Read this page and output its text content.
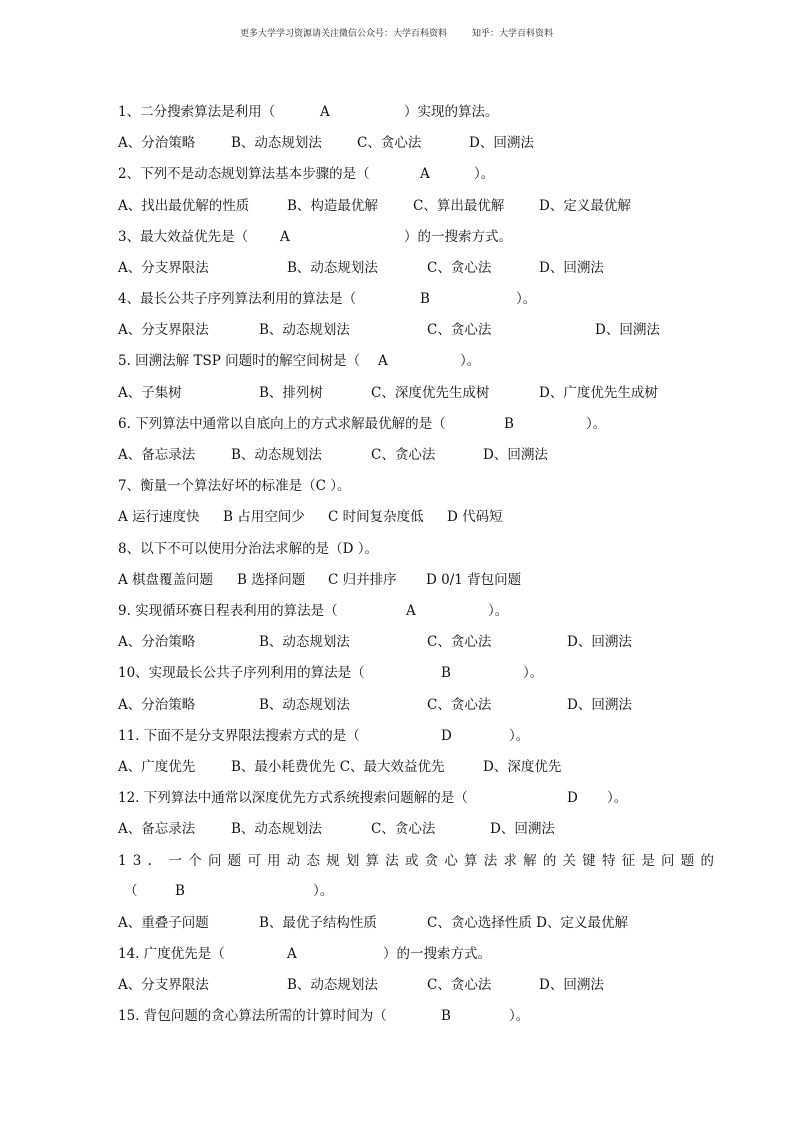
更多大学学习资源请关注微信公众号：大学百科资料	知乎：大学百科资料
1、二分搜索算法是利用（	A	）实现的算法。
A、分治策略	B、动态规划法	C、贪心法	D、回溯法
2、下列不是动态规划算法基本步骤的是（	A	）。
A、找出最优解的性质	B、构造最优解	C、算出最优解	D、定义最优解
3、最大效益优先是（ A	）的一搜索方式。
A、分支界限法	B、动态规划法	C、贪心法	D、回溯法
4、最长公共子序列算法利用的算法是（	B	）。
A、分支界限法	B、动态规划法	C、贪心法	D、回溯法
5. 回溯法解 TSP 问题时的解空间树是（ A	）。
A、子集树	B、排列树	C、深度优先生成树	D、广度优先生成树
6. 下列算法中通常以自底向上的方式求解最优解的是（	B	）。
A、备忘录法	B、动态规划法	C、贪心法	D、回溯法
7、衡量一个算法好坏的标准是（C ）。
A 运行速度快 B 占用空间少 C 时间复杂度低 D 代码短
8、以下不可以使用分治法求解的是（D ）。
A 棋盘覆盖问题 B 选择问题 C 归并排序 D 0/1 背包问题
9. 实现循环赛日程表利用的算法是（	A	）。
A、分治策略	B、动态规划法	C、贪心法	D、回溯法
10、实现最长公共子序列利用的算法是（	B	）。
A、分治策略	B、动态规划法	C、贪心法	D、回溯法
11. 下面不是分支界限法搜索方式的是（	D	）。
A、广度优先	B、最小耗费优先 C、最大效益优先	D、深度优先
12. 下列算法中通常以深度优先方式系统搜索问题解的是（	D ）。
A、备忘录法	B、动态规划法	C、贪心法	D、回溯法
13. 一个问题可用动态规划算法或贪心算法求解的关键特征是问题的
（	B	）。
A、重叠子问题	B、最优子结构性质	C、贪心选择性质 D、定义最优解
14. 广度优先是（	A	）的一搜索方式。
A、分支界限法	B、动态规划法	C、贪心法	D、回溯法
15. 背包问题的贪心算法所需的计算时间为（	B	）。
